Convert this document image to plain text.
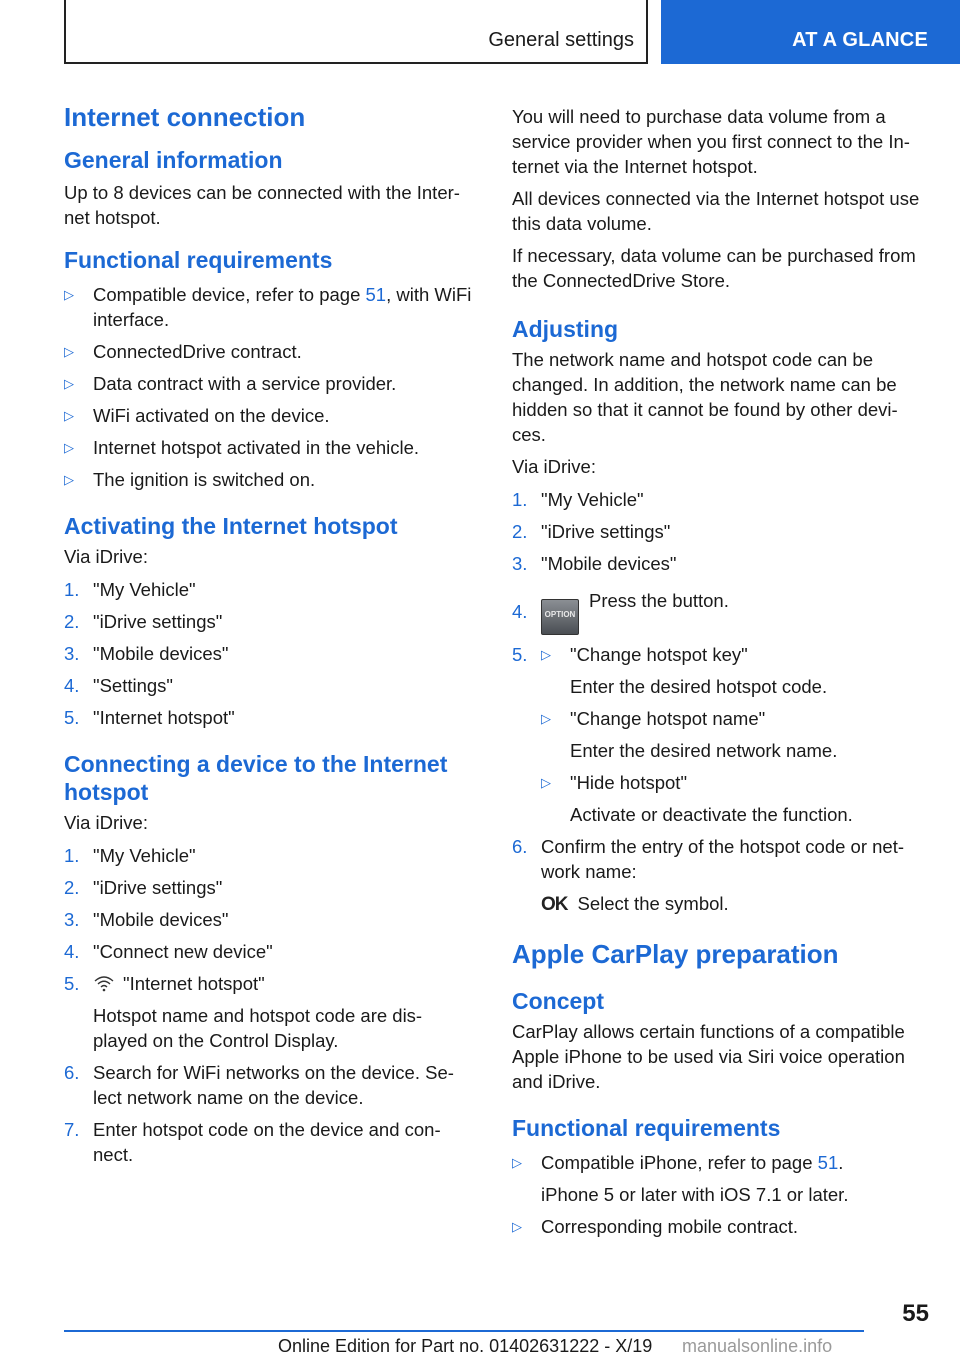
General settings	AT A GLANCE
Internet connection
General information

Up to 8 devices can be connected with the Inter‐net hotspot.

Functional requirements
▷ Compatible device, refer to page 51, with WiFi interface.
▷ ConnectedDrive contract.
▷ Data contract with a service provider.
▷ WiFi activated on the device.
▷ Internet hotspot activated in the vehicle.
▷ The ignition is switched on.
Activating the Internet hotspot

Via iDrive:

1. "My Vehicle"
2. "iDrive settings"
3. "Mobile devices"
4. "Settings"
5. "Internet hotspot"
Connecting a device to the Internet hotspot

Via iDrive:

1. "My Vehicle"
2. "iDrive settings"
3. "Mobile devices"
4. "Connect new device"
5. "Internet hotspot"
Hotspot name and hotspot code are dis‐played on the Control Display.
6. Search for WiFi networks on the device. Se‐lect network name on the device.
7. Enter hotspot code on the device and con‐nect.

You will need to purchase data volume from a service provider when you first connect to the In‐ternet via the Internet hotspot.

All devices connected via the Internet hotspot use this data volume.

If necessary, data volume can be purchased from the ConnectedDrive Store.

Adjusting

The network name and hotspot code can be changed. In addition, the network name can be hidden so that it cannot be found by other devi‐ces.

Via iDrive:

1. "My Vehicle"
2. "iDrive settings"
3. "Mobile devices"
4. OPTIONPress the button.
5. ▷ "Change hotspot key"
Enter the desired hotspot code.
▷ "Change hotspot name"
Enter the desired network name.
▷ "Hide hotspot"
Activate or deactivate the function.
6. Confirm the entry of the hotspot code or net‐work name:
OK Select the symbol.
Apple CarPlay preparation
Concept

CarPlay allows certain functions of a compatible Apple iPhone to be used via Siri voice operation and iDrive.

Functional requirements
▷ Compatible iPhone, refer to page 51.
iPhone 5 or later with iOS 7.1 or later.
▷ Corresponding mobile contract.
55
Online Edition for Part no. 01402631222 - X/19 manualsonline.info
